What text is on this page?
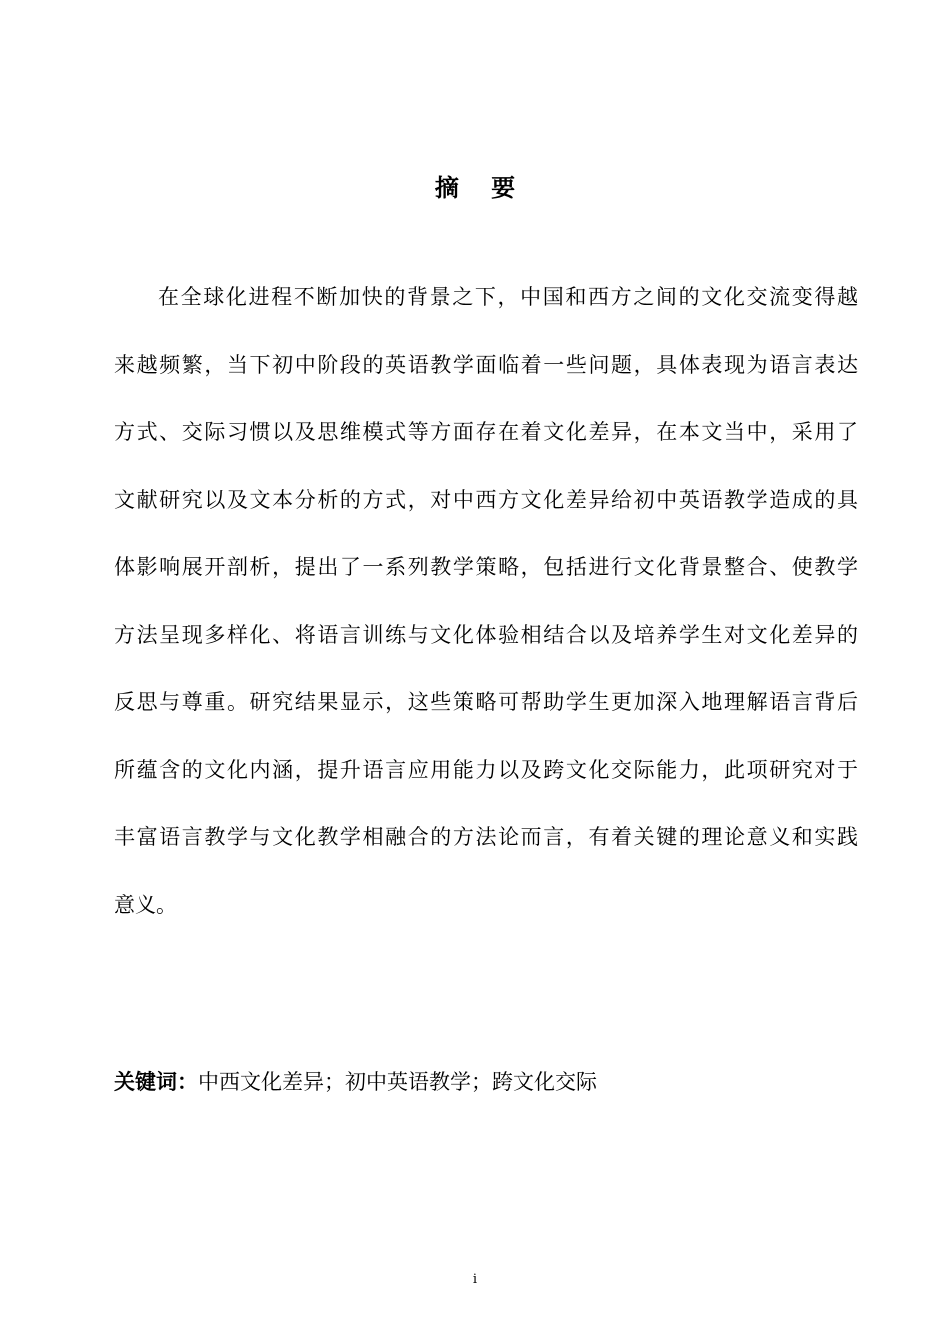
摘 要
在全球化进程不断加快的背景之下，中国和西方之间的文化交流变得越
来越频繁，当下初中阶段的英语教学面临着一些问题，具体表现为语言表达
方式、交际习惯以及思维模式等方面存在着文化差异，在本文当中，采用了
文献研究以及文本分析的方式，对中西方文化差异给初中英语教学造成的具
体影响展开剖析，提出了一系列教学策略，包括进行文化背景整合、使教学
方法呈现多样化、将语言训练与文化体验相结合以及培养学生对文化差异的
反思与尊重。研究结果显示，这些策略可帮助学生更加深入地理解语言背后
所蕴含的文化内涵，提升语言应用能力以及跨文化交际能力，此项研究对于
丰富语言教学与文化教学相融合的方法论而言，有着关键的理论意义和实践
意义。
关键词：中西文化差异；初中英语教学；跨文化交际
i
